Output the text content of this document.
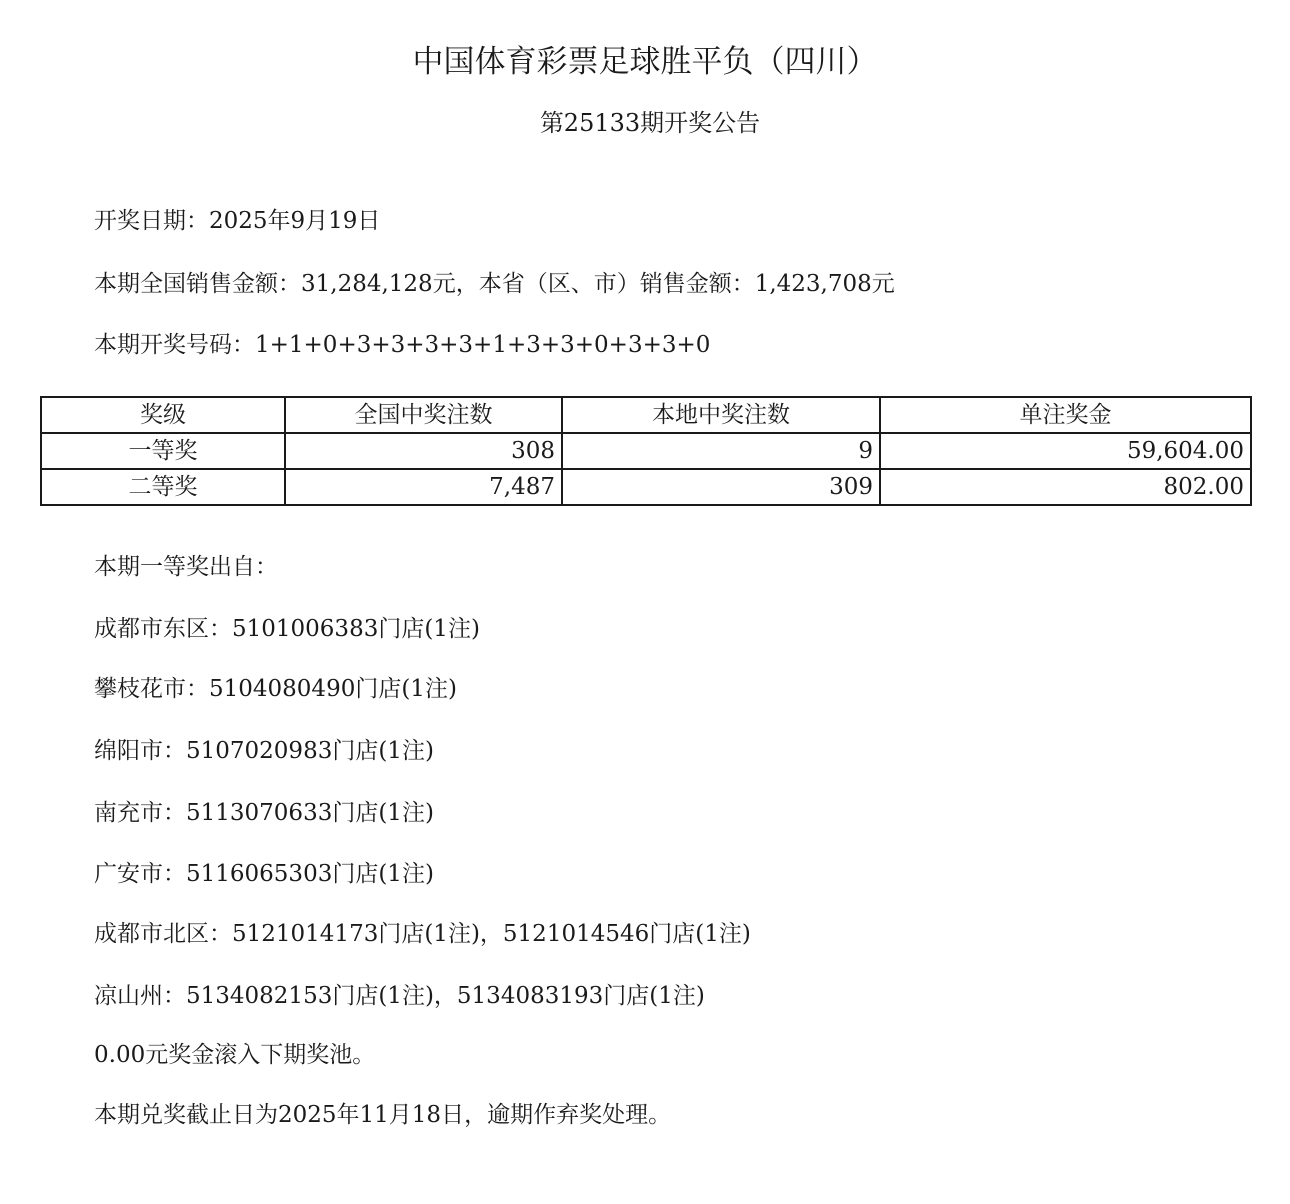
中国体育彩票足球胜平负（四川）
第25133期开奖公告
开奖日期：2025年9月19日
本期全国销售金额：31,284,128元，本省（区、市）销售金额：1,423,708元
本期开奖号码：1+1+0+3+3+3+3+1+3+3+0+3+3+0
奖级	全国中奖注数	本地中奖注数	单注奖金
一等奖	308	9	59,604.00
二等奖	7,487	309	802.00
本期一等奖出自：
成都市东区：5101006383门店(1注)
攀枝花市：5104080490门店(1注)
绵阳市：5107020983门店(1注)
南充市：5113070633门店(1注)
广安市：5116065303门店(1注)
成都市北区：5121014173门店(1注)，5121014546门店(1注)
凉山州：5134082153门店(1注)，5134083193门店(1注)
0.00元奖金滚入下期奖池。
本期兑奖截止日为2025年11月18日，逾期作弃奖处理。
